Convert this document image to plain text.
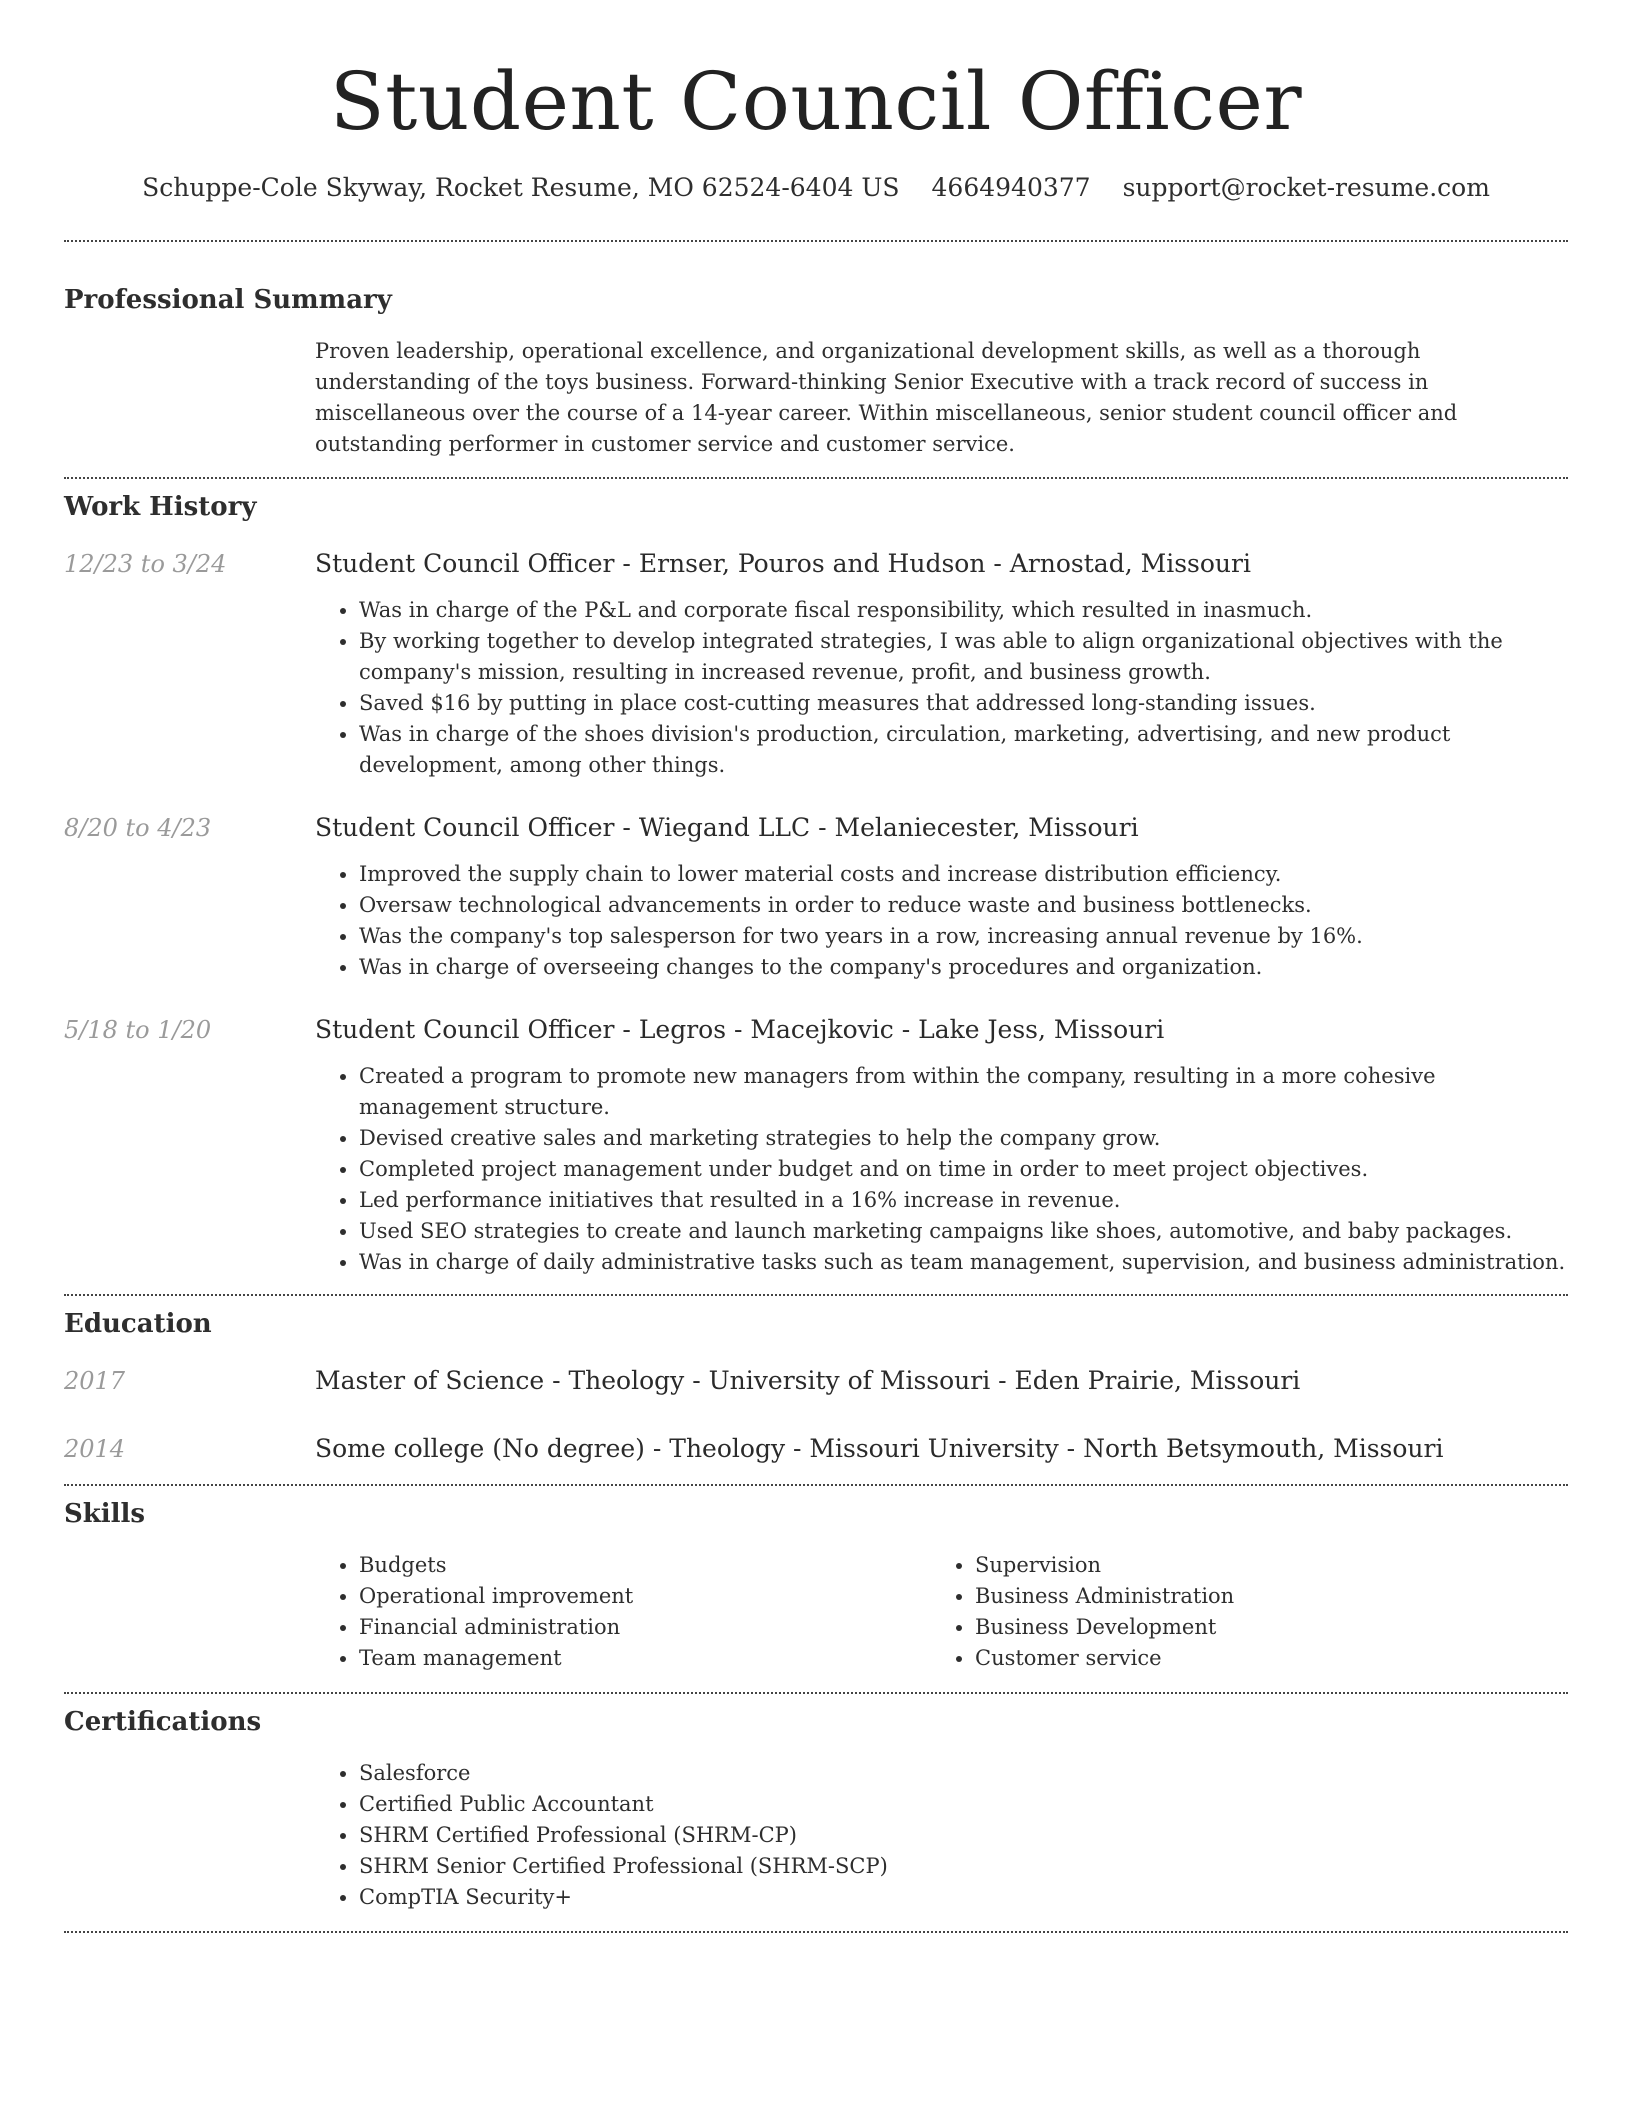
Student Council Officer
Schuppe-Cole Skyway, Rocket Resume, MO 62524-6404 US 4664940377 support@rocket-resume.com
Professional Summary

Proven leadership, operational excellence, and organizational development skills, as well as a thorough understanding of the toys business. Forward-thinking Senior Executive with a track record of success in miscellaneous over the course of a 14-year career. Within miscellaneous, senior student council officer and outstanding performer in customer service and customer service.

Work History
12/23 to 3/24	Student Council Officer - Ernser, Pouros and Hudson - Arnostad, Missouri

• Was in charge of the P&L and corporate fiscal responsibility, which resulted in inasmuch.
• By working together to develop integrated strategies, I was able to align organizational objectives with the company's mission, resulting in increased revenue, profit, and business growth.
• Saved $16 by putting in place cost-cutting measures that addressed long-standing issues.
• Was in charge of the shoes division's production, circulation, marketing, advertising, and new product development, among other things.
8/20 to 4/23	Student Council Officer - Wiegand LLC - Melaniecester, Missouri

• Improved the supply chain to lower material costs and increase distribution efficiency.
• Oversaw technological advancements in order to reduce waste and business bottlenecks.
• Was the company's top salesperson for two years in a row, increasing annual revenue by 16%.
• Was in charge of overseeing changes to the company's procedures and organization.
5/18 to 1/20	Student Council Officer - Legros - Macejkovic - Lake Jess, Missouri

• Created a program to promote new managers from within the company, resulting in a more cohesive management structure.
• Devised creative sales and marketing strategies to help the company grow.
• Completed project management under budget and on time in order to meet project objectives.
• Led performance initiatives that resulted in a 16% increase in revenue.
• Used SEO strategies to create and launch marketing campaigns like shoes, automotive, and baby packages.
• Was in charge of daily administrative tasks such as team management, supervision, and business administration.
Education
2017	Master of Science - Theology - University of Missouri - Eden Prairie, Missouri

2014	Some college (No degree) - Theology - Missouri University - North Betsymouth, Missouri

Skills
• Budgets
• Operational improvement
• Financial administration
• Team management
• Supervision
• Business Administration
• Business Development
• Customer service
Certifications
• Salesforce
• Certified Public Accountant
• SHRM Certified Professional (SHRM-CP)
• SHRM Senior Certified Professional (SHRM-SCP)
• CompTIA Security+
